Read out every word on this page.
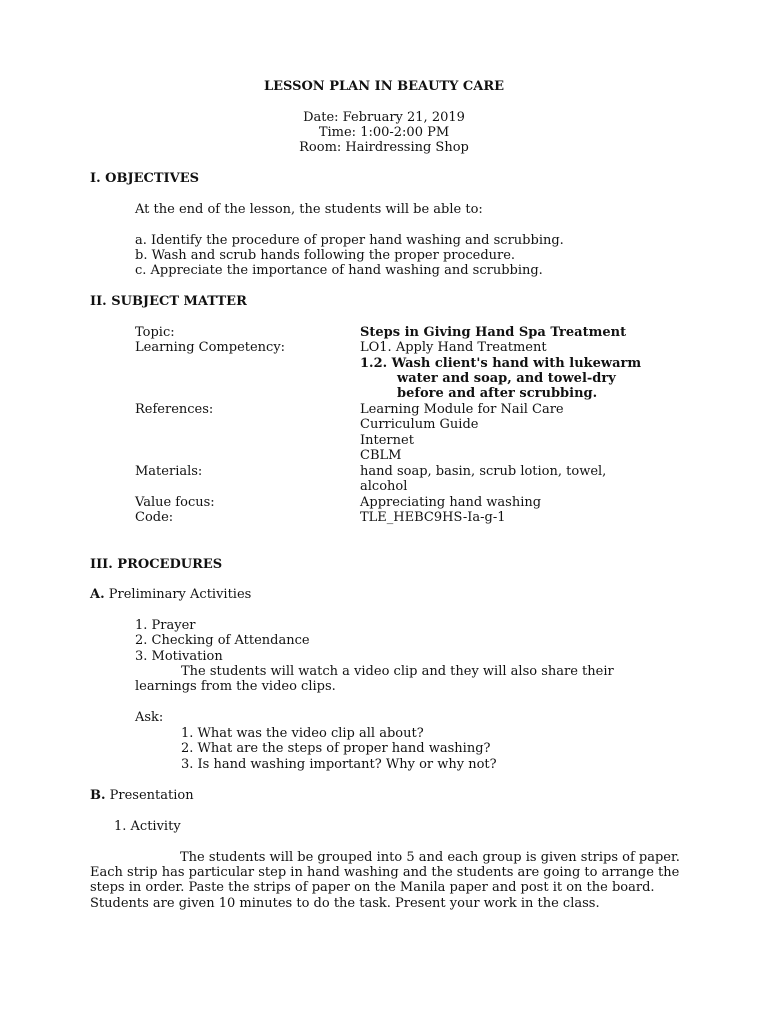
LESSON PLAN IN BEAUTY CARE
Date: February 21, 2019
Time: 1:00-2:00 PM
Room: Hairdressing Shop
I. OBJECTIVES
At the end of the lesson, the students will be able to:
a. Identify the procedure of proper hand washing and scrubbing.
b. Wash and scrub hands following the proper procedure.
c. Appreciate the importance of hand washing and scrubbing.
II. SUBJECT MATTER
Topic:	Steps in Giving Hand Spa Treatment
Learning Competency:	LO1. Apply Hand Treatment
1.2. Wash client's hand with lukewarm
water and soap, and towel-dry
before and after scrubbing.
References:	Learning Module for Nail Care
Curriculum Guide
Internet
CBLM
Materials:	hand soap, basin, scrub lotion, towel,
alcohol
Value focus:	Appreciating hand washing
Code:	TLE_HEBC9HS-Ia-g-1
III. PROCEDURES
A. Preliminary Activities
1. Prayer
2. Checking of Attendance
3. Motivation
The students will watch a video clip and they will also share their
learnings from the video clips.
Ask:
1. What was the video clip all about?
2. What are the steps of proper hand washing?
3. Is hand washing important? Why or why not?
B. Presentation
1. Activity
The students will be grouped into 5 and each group is given strips of paper. Each strip has particular step in hand washing and the students are going to arrange the steps in order. Paste the strips of paper on the Manila paper and post it on the board. Students are given 10 minutes to do the task. Present your work in the class.
